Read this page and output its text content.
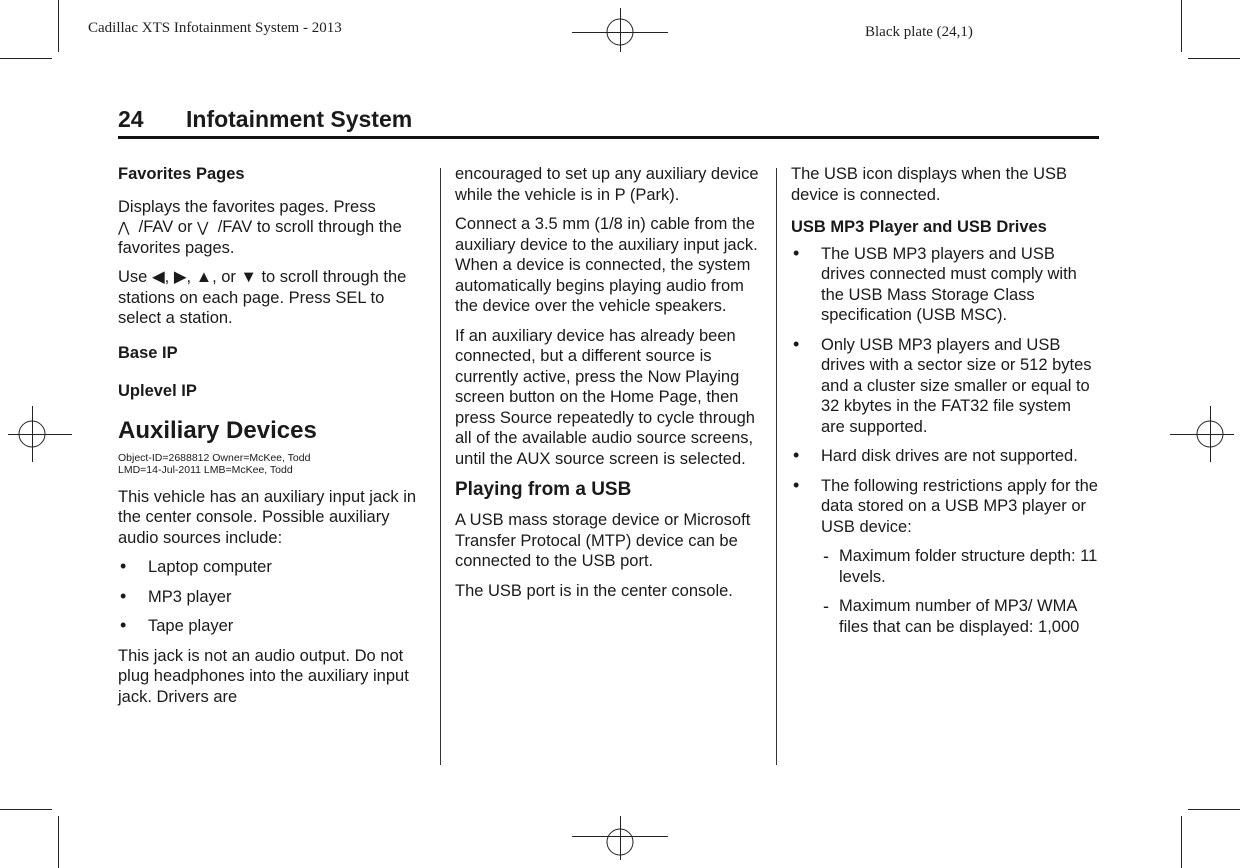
Cadillac XTS Infotainment System - 2013	Black plate (24,1)
24 Infotainment System
Favorites Pages

Displays the favorites pages. Press
⋀ /FAV or ⋁ /FAV to scroll through the favorites pages.

Use ◀, ▶, ▲, or ▼ to scroll through the stations on each page. Press SEL to select a station.

Base IP
Uplevel IP
Auxiliary Devices
Object-ID=2688812 Owner=McKee, Todd
LMD=14-Jul-2011 LMB=McKee, Todd

This vehicle has an auxiliary input jack in the center console. Possible auxiliary audio sources include:

• Laptop computer
• MP3 player
• Tape player

This jack is not an audio output. Do not plug headphones into the auxiliary input jack. Drivers are

encouraged to set up any auxiliary device while the vehicle is in P (Park).

Connect a 3.5 mm (1/8 in) cable from the auxiliary device to the auxiliary input jack. When a device is connected, the system automatically begins playing audio from the device over the vehicle speakers.

If an auxiliary device has already been connected, but a different source is currently active, press the Now Playing screen button on the Home Page, then press Source repeatedly to cycle through all of the available audio source screens, until the AUX source screen is selected.

Playing from a USB

A USB mass storage device or Microsoft Transfer Protocal (MTP) device can be connected to the USB port.

The USB port is in the center console.

The USB icon displays when the USB device is connected.

USB MP3 Player and USB Drives
• The USB MP3 players and USB drives connected must comply with the USB Mass Storage Class specification (USB MSC).
• Only USB MP3 players and USB drives with a sector size or 512 bytes and a cluster size smaller or equal to 32 kbytes in the FAT32 file system are supported.
• Hard disk drives are not supported.
• The following restrictions apply for the data stored on a USB MP3 player or USB device:
- Maximum folder structure depth: 11 levels.
- Maximum number of MP3/ WMA files that can be displayed: 1,000
